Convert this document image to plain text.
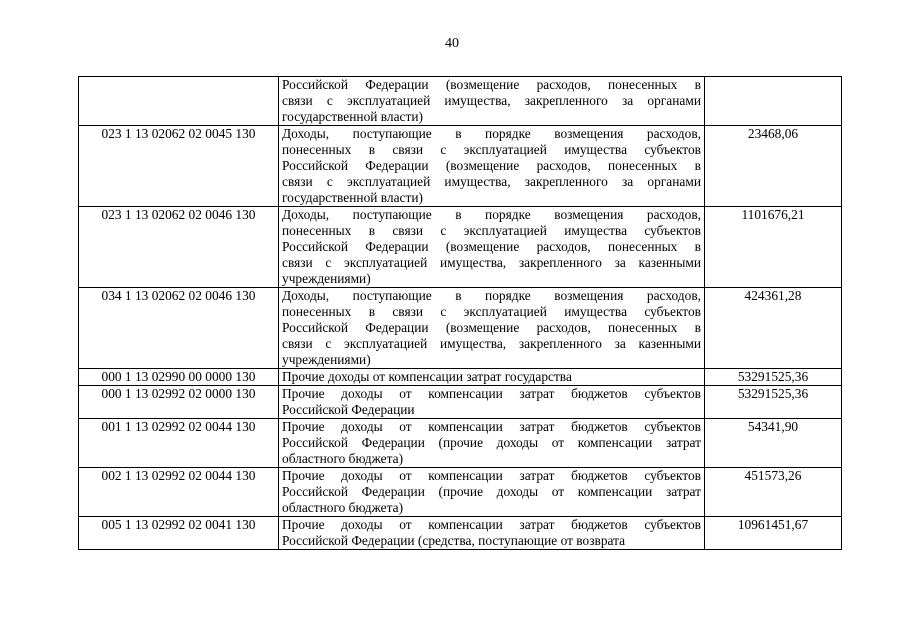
40

	Российской Федерации (возмещение расходов, понесенных в
связи с эксплуатацией имущества, закрепленного за органами
государственной власти)	

023 1 13 02062 02 0045 130	Доходы, поступающие в порядке возмещения расходов,
понесенных в связи с эксплуатацией имущества субъектов
Российской Федерации (возмещение расходов, понесенных в
связи с эксплуатацией имущества, закрепленного за органами
государственной власти)	23468,06
023 1 13 02062 02 0046 130	Доходы, поступающие в порядке возмещения расходов,
понесенных в связи с эксплуатацией имущества субъектов
Российской Федерации (возмещение расходов, понесенных в
связи с эксплуатацией имущества, закрепленного за казенными
учреждениями)	1101676,21
034 1 13 02062 02 0046 130	Доходы, поступающие в порядке возмещения расходов,
понесенных в связи с эксплуатацией имущества субъектов
Российской Федерации (возмещение расходов, понесенных в
связи с эксплуатацией имущества, закрепленного за казенными
учреждениями)	424361,28
000 1 13 02990 00 0000 130	Прочие доходы от компенсации затрат государства	53291525,36
000 1 13 02992 02 0000 130	Прочие доходы от компенсации затрат бюджетов субъектов
Российской Федерации	53291525,36
001 1 13 02992 02 0044 130	Прочие доходы от компенсации затрат бюджетов субъектов
Российской Федерации (прочие доходы от компенсации затрат
областного бюджета)	54341,90
002 1 13 02992 02 0044 130	Прочие доходы от компенсации затрат бюджетов субъектов
Российской Федерации (прочие доходы от компенсации затрат
областного бюджета)	451573,26
005 1 13 02992 02 0041 130	Прочие доходы от компенсации затрат бюджетов субъектов
Российской Федерации (средства, поступающие от возврата	10961451,67
